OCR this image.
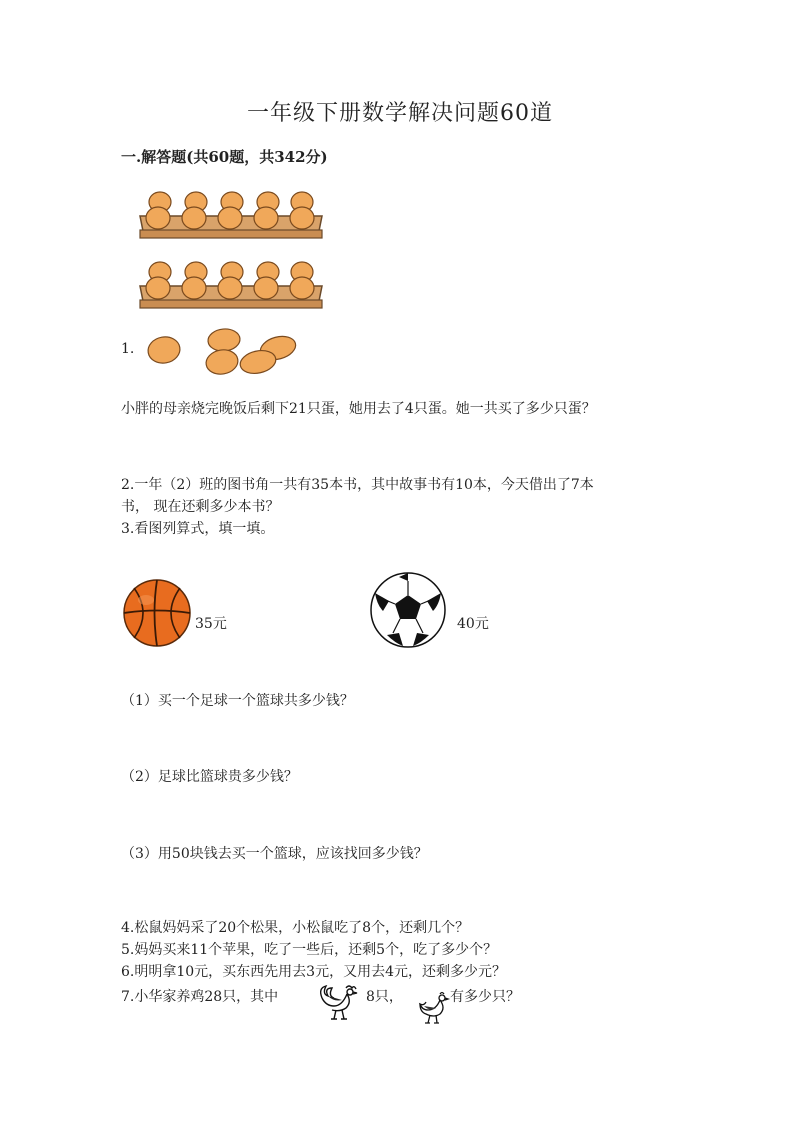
一年级下册数学解决问题60道
一.解答题(共60题，共342分)
1.
小胖的母亲烧完晚饭后剩下21只蛋，她用去了4只蛋。她一共买了多少只蛋？
2.一年（2）班的图书角一共有35本书，其中故事书有10本，今天借出了7本
书， 现在还剩多少本书？
3.看图列算式，填一填。
35元	40元
（1）买一个足球一个篮球共多少钱？
（2）足球比篮球贵多少钱？
（3）用50块钱去买一个篮球，应该找回多少钱？
4.松鼠妈妈采了20个松果，小松鼠吃了8个，还剩几个？
5.妈妈买来11个苹果，吃了一些后，还剩5个，吃了多少个？
6.明明拿10元，买东西先用去3元，又用去4元，还剩多少元？
7.小华家养鸡28只，其中	8只，	有多少只？
